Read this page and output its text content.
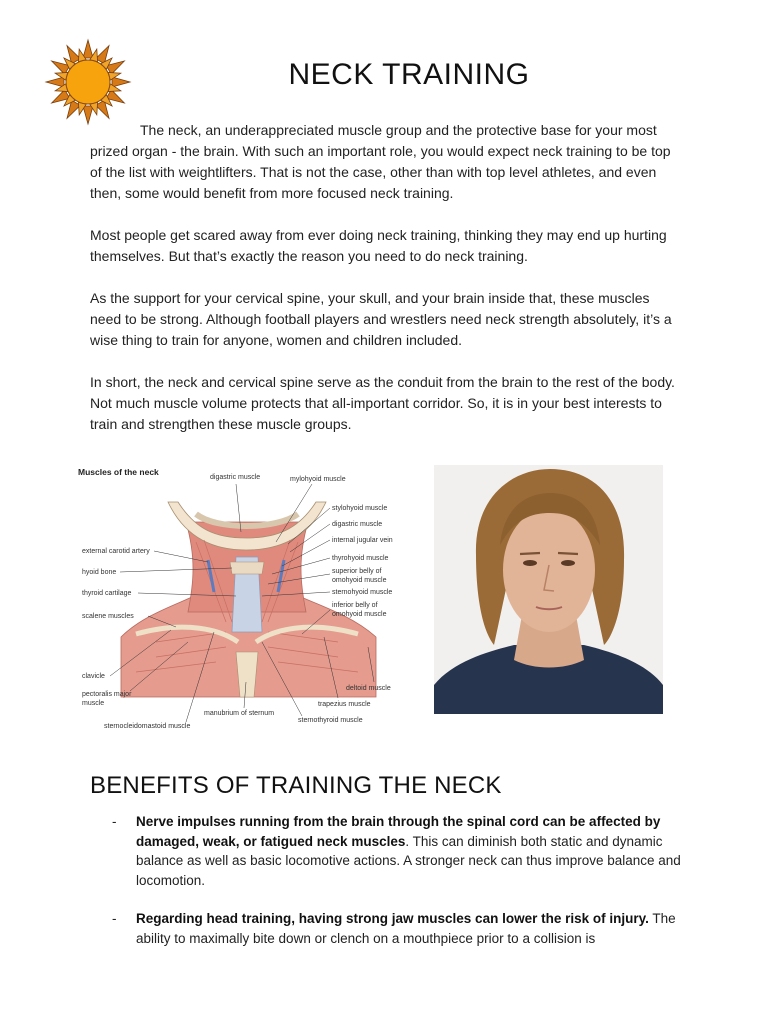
NECK TRAINING

The neck, an underappreciated muscle group and the protective base for your most prized organ - the brain. With such an important role, you would expect neck training to be top of the list with weightlifters. That is not the case, other than with top level athletes, and even then, some would benefit from more focused neck training.

Most people get scared away from ever doing neck training, thinking they may end up hurting themselves. But that’s exactly the reason you need to do neck training.

As the support for your cervical spine, your skull, and your brain inside that, these muscles need to be strong. Although football players and wrestlers need neck strength absolutely, it’s a wise thing to train for anyone, women and children included.

In short, the neck and cervical spine serve as the conduit from the brain to the rest of the body. Not much muscle volume protects that all-important corridor. So, it is in your best interests to train and strengthen these muscle groups.

Muscles of the neck
digastric muscle	mylohyoid muscle
stylohyoid muscle
digastric muscle
internal jugular vein
thyrohyoid muscle
superior belly of
omohyoid muscle
sternohyoid muscle
inferior belly of
omohyoid muscle
external carotid artery
hyoid bone
thyroid cartilage
scalene muscles
clavicle
pectoralis major
muscle
manubrium of sternum
sternocleidomastoid muscle
sternothyroid muscle
trapezius muscle
deltoid muscle
BENEFITS OF TRAINING THE NECK
-	Nerve impulses running from the brain through the spinal cord can be affected by damaged, weak, or fatigued neck muscles. This can diminish both static and dynamic balance as well as basic locomotive actions. A stronger neck can thus improve balance and locomotion.
-	Regarding head training, having strong jaw muscles can lower the risk of injury. The ability to maximally bite down or clench on a mouthpiece prior to a collision is
